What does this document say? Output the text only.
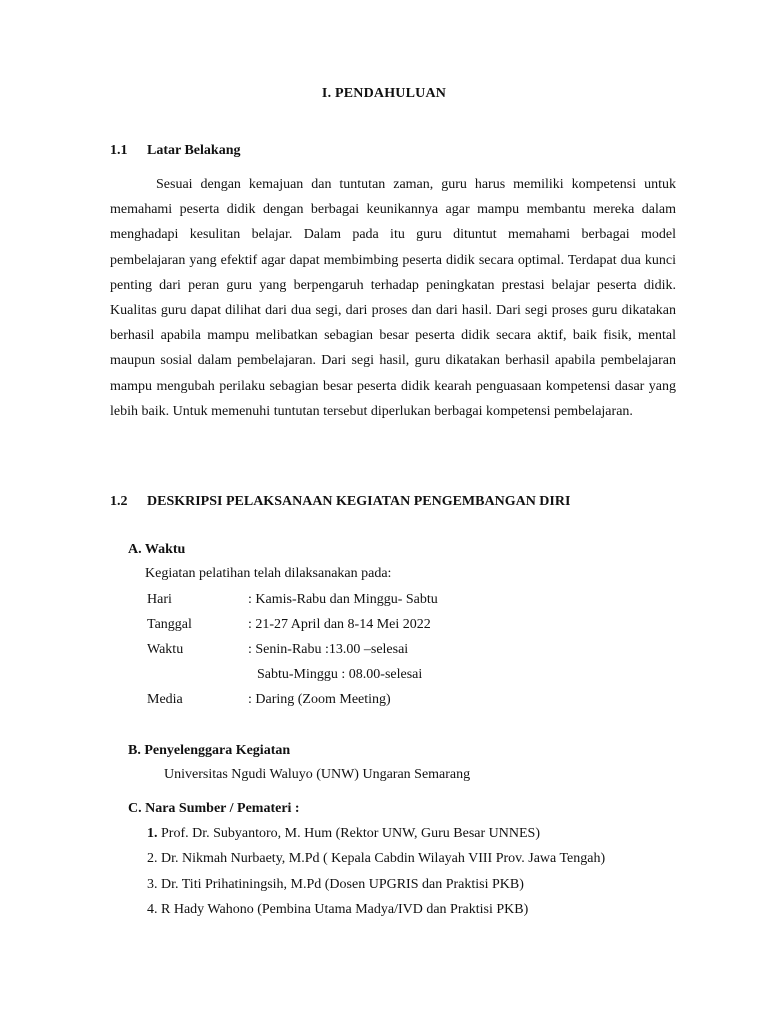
I. PENDAHULUAN
1.1 Latar Belakang
Sesuai dengan kemajuan dan tuntutan zaman, guru harus memiliki kompetensi untuk memahami peserta didik dengan berbagai keunikannya agar mampu membantu mereka dalam menghadapi kesulitan belajar. Dalam pada itu guru dituntut memahami berbagai model pembelajaran yang efektif agar dapat membimbing peserta didik secara optimal. Terdapat dua kunci penting dari peran guru yang berpengaruh terhadap peningkatan prestasi belajar peserta didik. Kualitas guru dapat dilihat dari dua segi, dari proses dan dari hasil. Dari segi proses guru dikatakan berhasil apabila mampu melibatkan sebagian besar peserta didik secara aktif, baik fisik, mental maupun sosial dalam pembelajaran. Dari segi hasil, guru dikatakan berhasil apabila pembelajaran mampu mengubah perilaku sebagian besar peserta didik kearah penguasaan kompetensi dasar yang lebih baik. Untuk memenuhi tuntutan tersebut diperlukan berbagai kompetensi pembelajaran.
1.2 DESKRIPSI PELAKSANAAN KEGIATAN PENGEMBANGAN DIRI
A. Waktu
Kegiatan pelatihan telah dilaksanakan pada:
Hari	: Kamis-Rabu dan Minggu- Sabtu
Tanggal	: 21-27 April dan 8-14 Mei 2022
Waktu	: Senin-Rabu :13.00 –selesai
Sabtu-Minggu : 08.00-selesai
Media	: Daring (Zoom Meeting)
B. Penyelenggara Kegiatan
Universitas Ngudi Waluyo (UNW) Ungaran Semarang
C. Nara Sumber / Pemateri :
1. Prof. Dr. Subyantoro, M. Hum (Rektor UNW, Guru Besar UNNES)
2. Dr. Nikmah Nurbaety, M.Pd ( Kepala Cabdin Wilayah VIII Prov. Jawa Tengah)
3. Dr. Titi Prihatiningsih, M.Pd (Dosen UPGRIS dan Praktisi PKB)
4. R Hady Wahono (Pembina Utama Madya/IVD dan Praktisi PKB)
